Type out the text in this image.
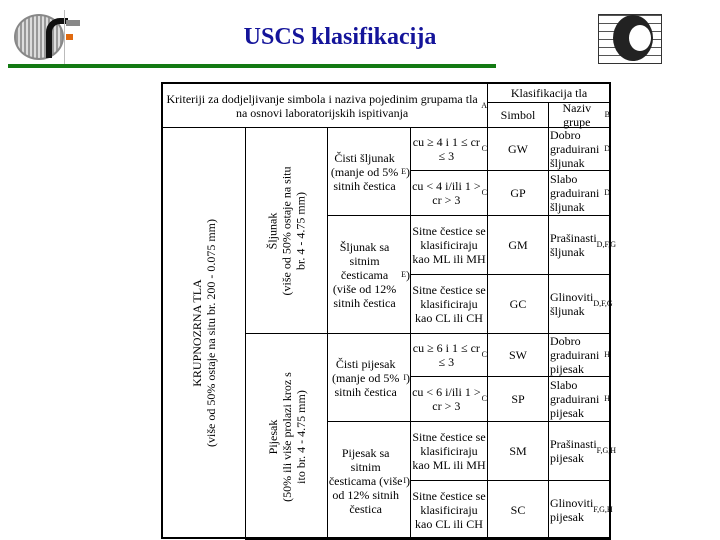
USCS klasifikacija
Kriteriji za dodjeljivanje simbola i naziva pojedinim grupama tla na osnovi laboratorijskih ispitivanja
A
Klasifikacija tla
Simbol	Naziv grupe
B
KRUPNOZRNA TLA
(više od 50% ostaje na situ br. 200 - 0.075 mm)	Šljunak
(više od 50% ostaje na situ
br. 4 - 4.75 mm)
Čisti šljunak (manje od 5% sitnih čestica
E )
Šljunak sa sitnim česticama (više od 12% sitnih čestica
E )
cu ≥ 4 i 1 ≤ cr ≤ 3
C GW
Dobro graduirani šljunak
D
cu < 4 i/ili 1 > cr > 3
C GP
Slabo graduirani šljunak
D
Sitne čestice se klasificiraju kao ML ili MH
GM Prašinasti šljunak
D,F,G
Sitne čestice se klasificiraju kao CL ili CH
GC Glinoviti šljunak
D,F,G
Pijesak
(50% ili više prolazi kroz s
ito br. 4 - 4.75 mm)
Čisti pijesak (manje od 5% sitnih čestica
I )
Pijesak sa sitnim česticama (više od 12% sitnih čestica
I )
cu ≥ 6 i 1 ≤ cr ≤ 3
C SW
Dobro graduirani pijesak
H
cu < 6 i/ili 1 > cr > 3
C SP
Slabo graduirani pijesak
H
Sitne čestice se klasificiraju kao ML ili MH
SM Prašinasti pijesak
F,G,H
Sitne čestice se klasificiraju kao CL ili CH
SC Glinoviti pijesak
F,G,H
